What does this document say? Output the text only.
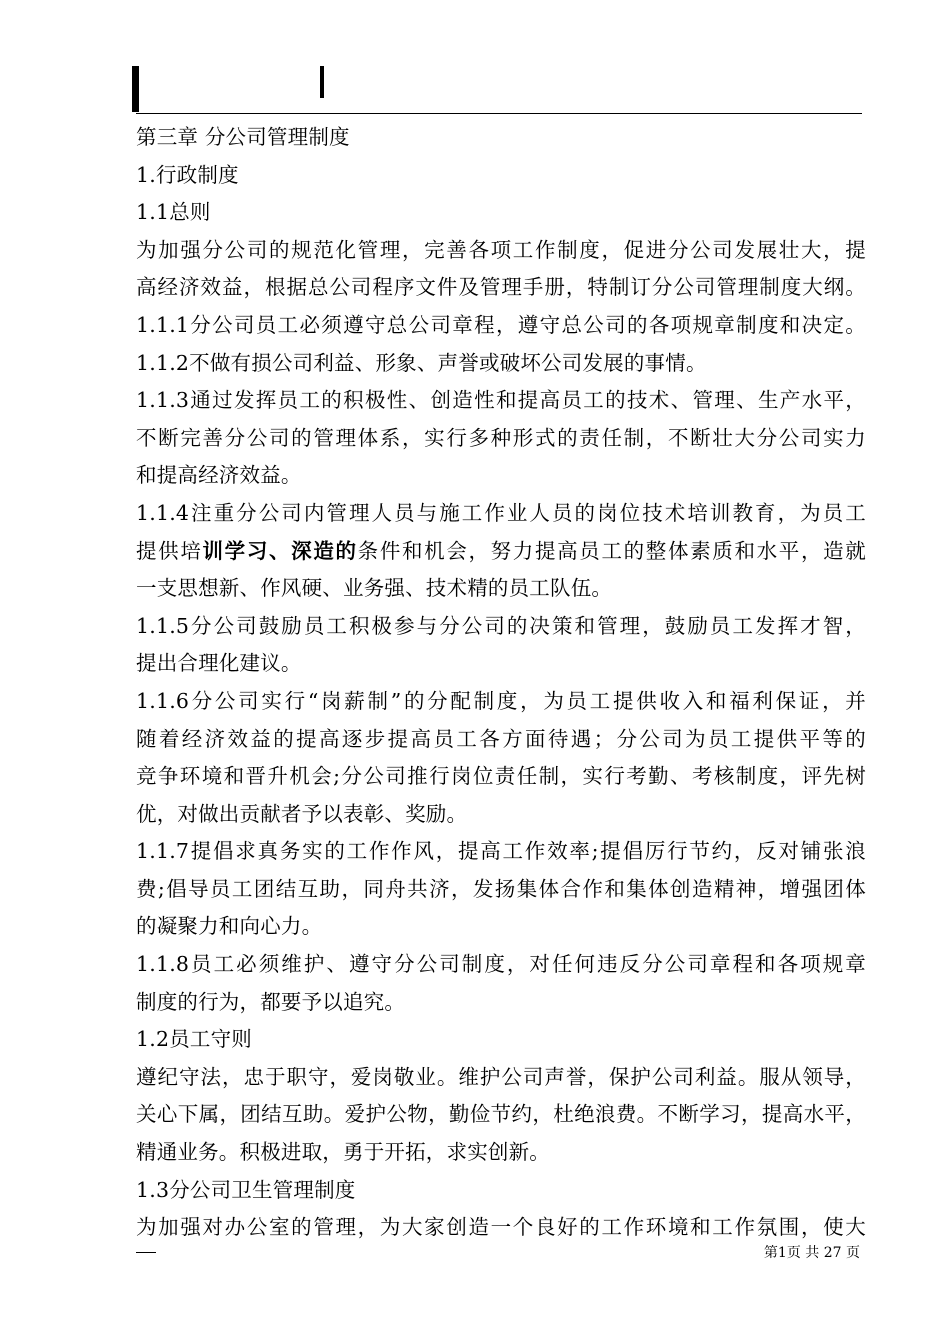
第三章 分公司管理制度
1.行政制度
1.1总则
为加强分公司的规范化管理，完善各项工作制度，促进分公司发展壮大，提
高经济效益，根据总公司程序文件及管理手册，特制订分公司管理制度大纲。
1.1.1分公司员工必须遵守总公司章程，遵守总公司的各项规章制度和决定。
1.1.2不做有损公司利益、形象、声誉或破坏公司发展的事情。
1.1.3通过发挥员工的积极性、创造性和提高员工的技术、管理、生产水平，
不断完善分公司的管理体系，实行多种形式的责任制，不断壮大分公司实力
和提高经济效益。
1.1.4注重分公司内管理人员与施工作业人员的岗位技术培训教育，为员工
提供培训学习、深造的条件和机会，努力提高员工的整体素质和水平，造就
一支思想新、作风硬、业务强、技术精的员工队伍。
1.1.5分公司鼓励员工积极参与分公司的决策和管理，鼓励员工发挥才智，
提出合理化建议。
1.1.6分公司实行“岗薪制”的分配制度，为员工提供收入和福利保证，并
随着经济效益的提高逐步提高员工各方面待遇；分公司为员工提供平等的
竞争环境和晋升机会;分公司推行岗位责任制，实行考勤、考核制度，评先树
优，对做出贡献者予以表彰、奖励。
1.1.7提倡求真务实的工作作风，提高工作效率;提倡厉行节约，反对铺张浪
费;倡导员工团结互助，同舟共济，发扬集体合作和集体创造精神，增强团体
的凝聚力和向心力。
1.1.8员工必须维护、遵守分公司制度，对任何违反分公司章程和各项规章
制度的行为，都要予以追究。
1.2员工守则
遵纪守法，忠于职守，爱岗敬业。维护公司声誉，保护公司利益。服从领导，
关心下属，团结互助。爱护公物，勤俭节约，杜绝浪费。不断学习，提高水平，
精通业务。积极进取，勇于开拓，求实创新。
1.3分公司卫生管理制度
为加强对办公室的管理，为大家创造一个良好的工作环境和工作氛围，使大
第1页 共 27 页
